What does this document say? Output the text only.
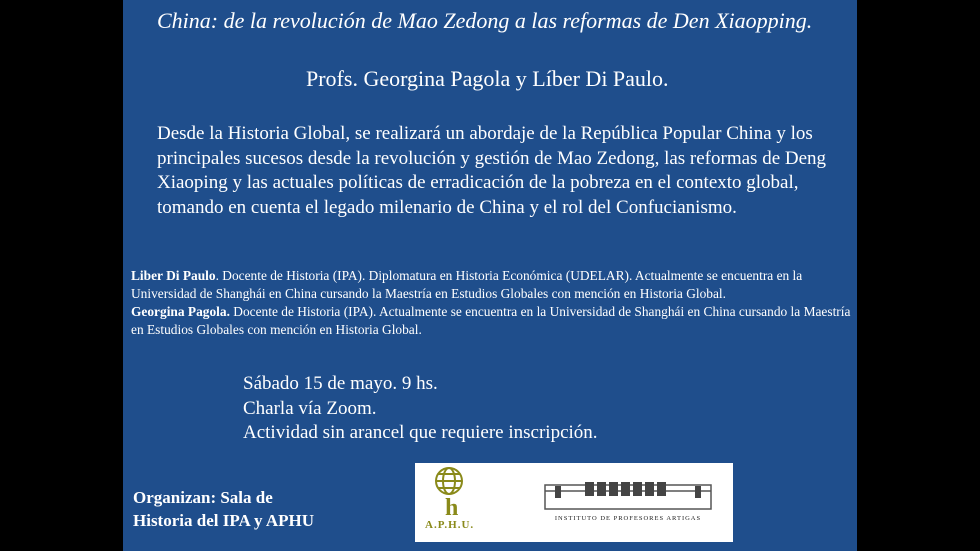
China: de la revolución de Mao Zedong a las reformas de Den Xiaopping.

Profs. Georgina Pagola y Líber Di Paulo.

Desde la Historia Global, se realizará un abordaje de la República Popular China y los principales sucesos desde la revolución y gestión de Mao Zedong, las reformas de Deng Xiaoping y las actuales políticas de erradicación de la pobreza en el contexto global, tomando en cuenta el legado milenario de China y el rol del Confucianismo.

Liber Di Paulo. Docente de Historia (IPA). Diplomatura en Historia Económica (UDELAR). Actualmente se encuentra en la Universidad de Shanghái en China cursando la Maestría en Estudios Globales con mención en Historia Global.
Georgina Pagola. Docente de Historia (IPA). Actualmente se encuentra en la Universidad de Shanghái en China cursando la Maestría en Estudios Globales con mención en Historia Global.

Sábado 15 de mayo. 9 hs.
Charla vía Zoom.
Actividad sin arancel que requiere inscripción.
Organizan: Sala de
Historia del IPA y APHU	h
A.P.H.U.
INSTITUTO DE PROFESORES ARTIGAS
